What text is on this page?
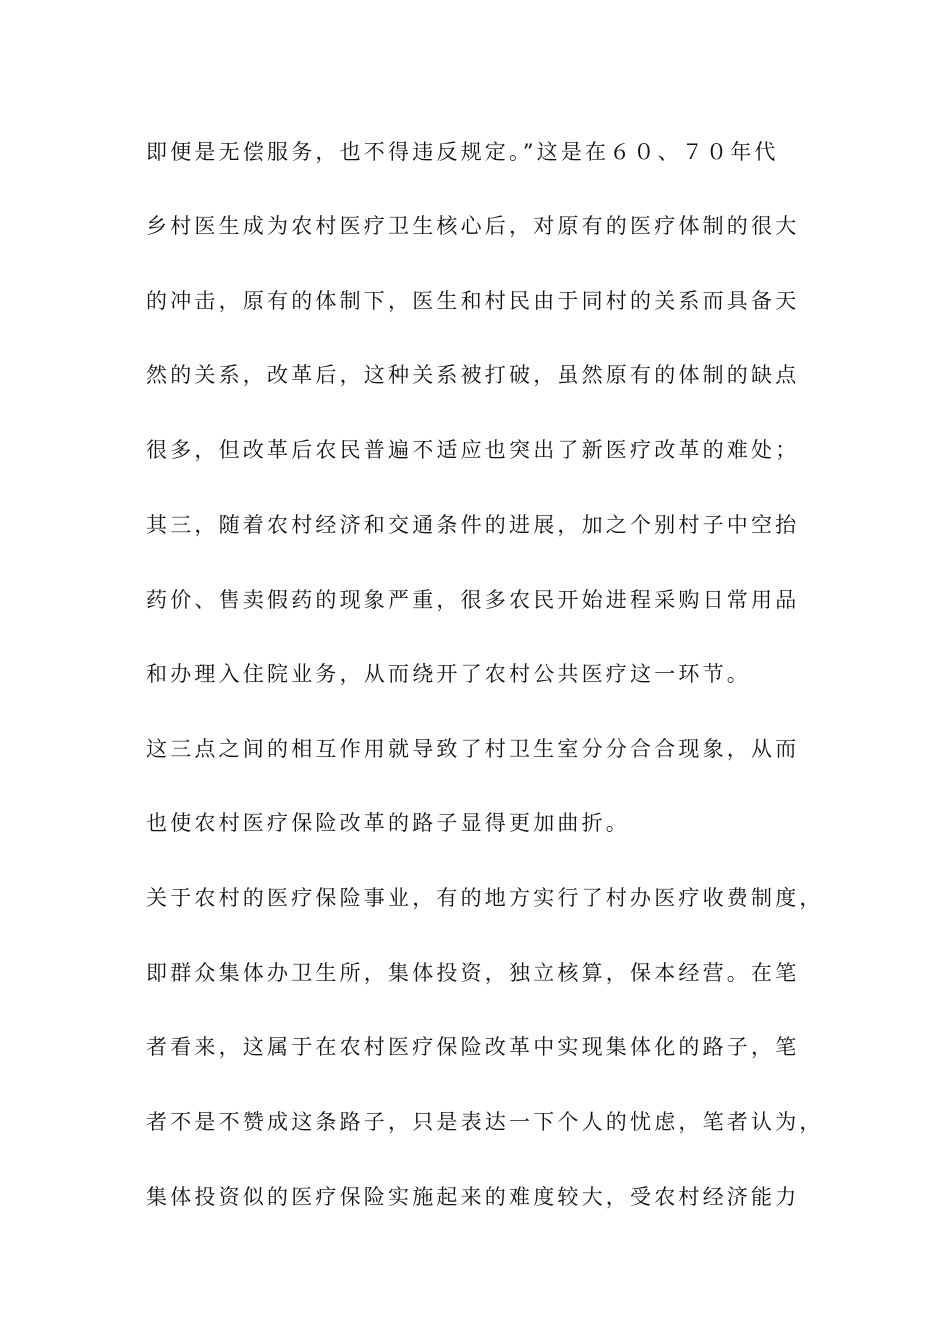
即便是无偿服务，也不得违反规定。”这是在６０、７０年代
乡村医生成为农村医疗卫生核心后，对原有的医疗体制的很大
的冲击，原有的体制下，医生和村民由于同村的关系而具备天
然的关系，改革后，这种关系被打破，虽然原有的体制的缺点
很多，但改革后农民普遍不适应也突出了新医疗改革的难处；
其三，随着农村经济和交通条件的进展，加之个别村子中空抬
药价、售卖假药的现象严重，很多农民开始进程采购日常用品
和办理入住院业务，从而绕开了农村公共医疗这一环节。
这三点之间的相互作用就导致了村卫生室分分合合现象，从而
也使农村医疗保险改革的路子显得更加曲折。
关于农村的医疗保险事业，有的地方实行了村办医疗收费制度，
即群众集体办卫生所，集体投资，独立核算，保本经营。在笔
者看来，这属于在农村医疗保险改革中实现集体化的路子，笔
者不是不赞成这条路子，只是表达一下个人的忧虑，笔者认为，
集体投资似的医疗保险实施起来的难度较大，受农村经济能力
